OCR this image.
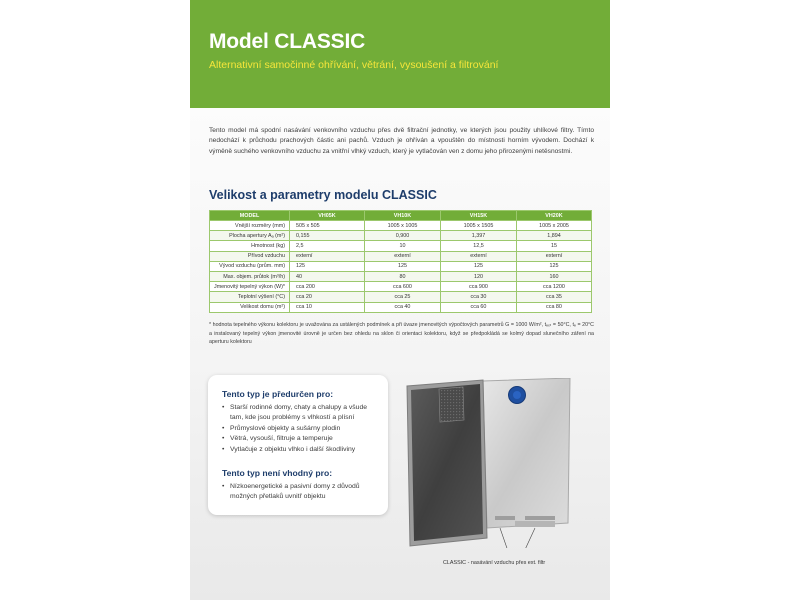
Model CLASSIC
Alternativní samočinné ohřívání, větrání, vysoušení a filtrování
Tento model má spodní nasávání venkovního vzduchu přes dvě filtrační jednotky, ve kterých jsou použity uhlíkové filtry. Tímto nedochází k průchodu prachových částic ani pachů. Vzduch je ohříván a vpouštěn do místnosti horním vývodem. Dochází k výměně suchého venkovního vzduchu za vnitřní vlhký vzduch, který je vytlačován ven z domu jeho přirozenými netěsnostmi.
Velikost a parametry modelu CLASSIC
MODEL	VH05K	VH10K	VH15K	VH20K
Vnější rozměry (mm)	505 x 505	1005 x 1005	1005 x 1505	1005 x 2005
Plocha apertury Aₐ (m²)	0,155	0,900	1,397	1,894
Hmotnost (kg)	2,5	10	12,5	15
Přívod vzduchu	externí	externí	externí	externí
Vývod vzduchu (prům. mm)	125	125	125	125
Max. objem. průtok (m³/h)	40	80	120	160
Jmenovitý tepelný výkon (W)*	cca 200	cca 600	cca 900	cca 1200
Teplotní výšení (°C)	cca 20	cca 25	cca 30	cca 35
Velikost domu (m²)	cca 10	cca 40	cca 60	cca 80
* hodnota tepelného výkonu kolektoru je uvažována za ustálených podmínek a při úvaze jmenovitých výpočtových parametrů G = 1000 W/m², tₑₓₜ = 50°C, tₑ = 20°C a instalovaný tepelný výkon jmenovité úrovně je určen bez ohledu na sklon či orientaci kolektoru, když se předpokládá se kolmý dopad slunečního záření na aperturu kolektoru
Tento typ je předurčen pro:
• Starší rodinné domy, chaty a chalupy a všude tam, kde jsou problémy s vlhkostí a plísní
• Průmyslové objekty a sušárny plodin
• Větrá, vysouší, filtruje a temperuje
• Vytlačuje z objektu vlhko i další škodliviny
Tento typ není vhodný pro:
• Nízkoenergetické a pasivní domy z důvodů možných přetlaků uvnitř objektu
CLASSIC - nasávání vzduchu přes ext. filtr
